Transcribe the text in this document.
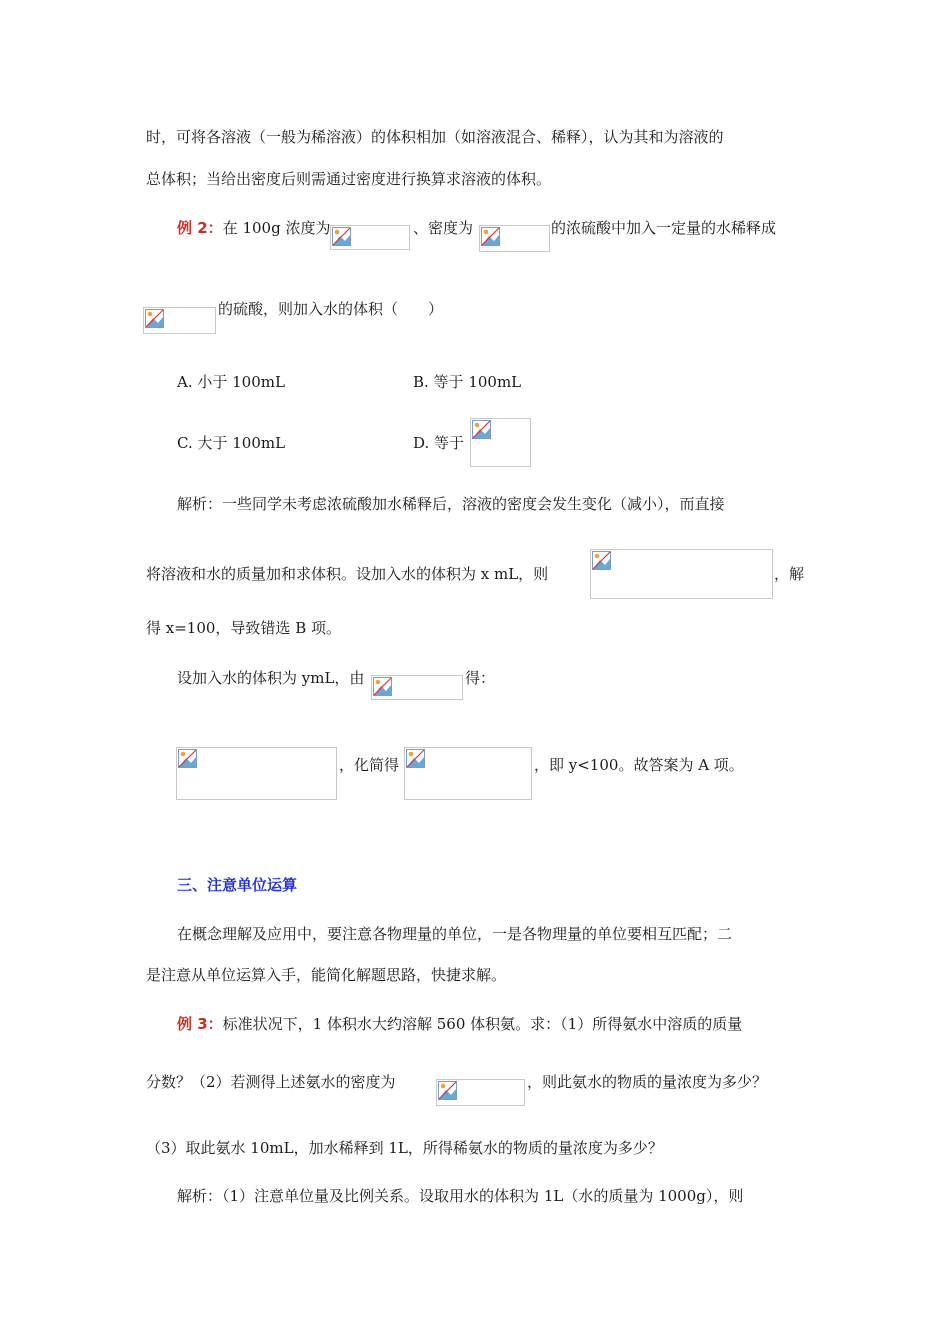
时，可将各溶液（一般为稀溶液）的体积相加（如溶液混合、稀释），认为其和为溶液的
总体积；当给出密度后则需通过密度进行换算求溶液的体积。
例 2：在 100g 浓度为	、密度为	的浓硫酸中加入一定量的水稀释成
的硫酸，则加入水的体积（　　）
A. 小于 100mL	B. 等于 100mL
C. 大于 100mL	D. 等于
解析：一些同学未考虑浓硫酸加水稀释后，溶液的密度会发生变化（减小），而直接
将溶液和水的质量加和求体积。设加入水的体积为 x mL，则	，解
得 x=100，导致错选 B 项。
设加入水的体积为 ymL，由	得：
，化简得	，即 y<100。故答案为 A 项。
三、注意单位运算
在概念理解及应用中，要注意各物理量的单位，一是各物理量的单位要相互匹配；二
是注意从单位运算入手，能简化解题思路，快捷求解。
例 3：标准状况下，1 体积水大约溶解 560 体积氨。求：（1）所得氨水中溶质的质量
分数？（2）若测得上述氨水的密度为	，则此氨水的物质的量浓度为多少？
（3）取此氨水 10mL，加水稀释到 1L，所得稀氨水的物质的量浓度为多少？
解析：（1）注意单位量及比例关系。设取用水的体积为 1L（水的质量为 1000g），则
